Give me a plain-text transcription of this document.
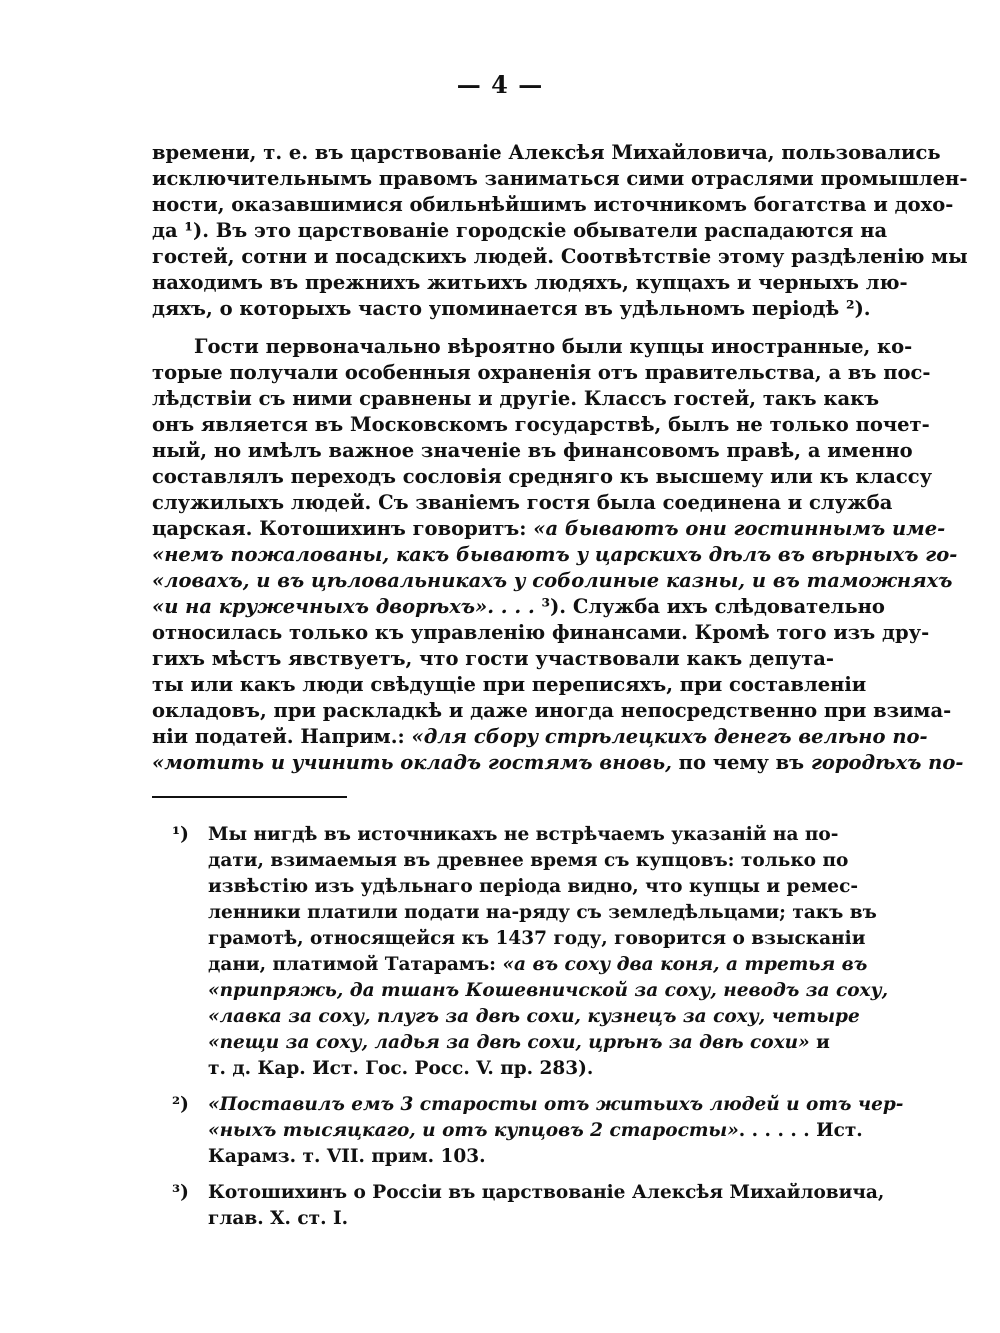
— 4 —
времени, т. е. въ царствованіе Алексѣя Михайловича, пользовались
исключительнымъ правомъ заниматься сими отраслями промышлен-
ности, оказавшимися обильнѣйшимъ источникомъ богатства и дохо-
да ¹). Въ это царствованіе городскіе обыватели распадаются на
гостей, сотни и посадскихъ людей. Соотвѣтствіе этому раздѣленію мы
находимъ въ прежнихъ житьихъ людяхъ, купцахъ и черныхъ лю-
дяхъ, о которыхъ часто упоминается въ удѣльномъ періодѣ ²).
Гости первоначально вѣроятно были купцы иностранные, ко-
торые получали особенныя охраненія отъ правительства, а въ пос-
лѣдствіи съ ними сравнены и другіе. Классъ гостей, такъ какъ
онъ является въ Московскомъ государствѣ, былъ не только почет-
ный, но имѣлъ важное значеніе въ финансовомъ правѣ, а именно
составлялъ переходъ сословія средняго къ высшему или къ классу
служилыхъ людей. Съ званіемъ гостя была соединена и служба
царская. Котошихинъ говоритъ: «а бываютъ они гостиннымъ име-
«немъ пожалованы, какъ бываютъ у царскихъ дѣлъ въ вѣрныхъ го-
«ловахъ, и въ цѣловальникахъ у соболиные казны, и въ таможняхъ
«и на кружечныхъ дворѣхъ». . . . ³). Служба ихъ слѣдовательно
относилась только къ управленію финансами. Кромѣ того изъ дру-
гихъ мѣстъ явствуетъ, что гости участвовали какъ депута-
ты или какъ люди свѣдущіе при переписяхъ, при составленіи
окладовъ, при раскладкѣ и даже иногда непосредственно при взима-
ніи податей. Наприм.: «для сбору стрѣлецкихъ денегъ велѣно по-
«мотить и учинить окладъ гостямъ вновь, по чему въ городѣхъ по-
¹) Мы нигдѣ въ источникахъ не встрѣчаемъ указаній на по-
дати, взимаемыя въ древнее время съ купцовъ: только по
извѣстію изъ удѣльнаго періода видно, что купцы и ремес-
ленники платили подати на-ряду съ земледѣльцами; такъ въ
грамотѣ, относящейся къ 1437 году, говорится о взысканіи
дани, платимой Татарамъ: «а въ соху два коня, а третья въ
«припряжь, да тшанъ Кошевничской за соху, неводъ за соху,
«лавка за соху, плугъ за двѣ сохи, кузнецъ за соху, четыре
«пещи за соху, ладья за двѣ сохи, црѣнъ за двѣ сохи» и
т. д. Кар. Ист. Гос. Росс. V. пр. 283).
²) «Поставилъ емъ 3 старосты отъ житьихъ людей и отъ чер-
«ныхъ тысяцкаго, и отъ купцовъ 2 старосты». . . . . . Ист.
Карамз. т. VII. прим. 103.
³) Котошихинъ о Россіи въ царствованіе Алексѣя Михайловича,
глав. X. ст. I.
